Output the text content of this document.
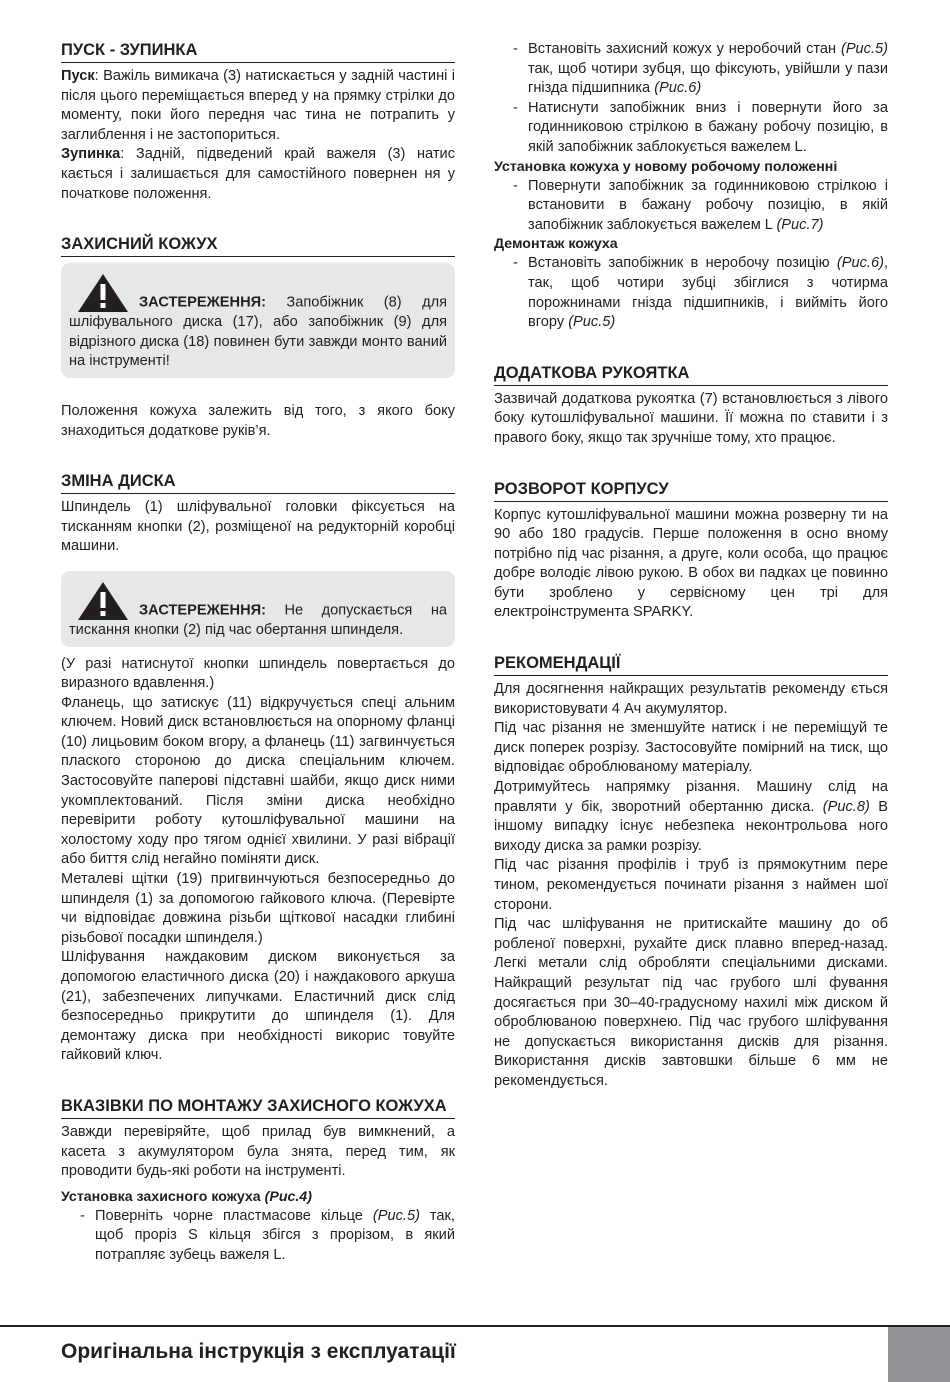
ПУСК - ЗУПИНКА

Пуск: Важіль вимикача (3) натискається у задній частині і після цього переміщається вперед у на прямку стрілки до моменту, поки його передня час тина не потрапить у заглиблення і не застопориться.

Зупинка: Задній, підведений край важеля (3) натис кається і залишається для самостійного повернен ня у початкове положення.

ЗАХИСНИЙ КОЖУХ

ЗАСТЕРЕЖЕННЯ: Запобіжник (8) для шліфувального диска (17), або запобіжник (9) для відрізного диска (18) повинен бути завжди монто ваний на інструменті!

Положення кожуха залежить від того, з якого боку знаходиться додаткове руків’я.

ЗМІНА ДИСКА

Шпиндель (1) шліфувальної головки фіксується на тисканням кнопки (2), розміщеної на редукторній коробці машини.

ЗАСТЕРЕЖЕННЯ: Не допускається на тискання кнопки (2) під час обертання шпинделя.

(У разі натиснутої кнопки шпиндель повертається до виразного вдавлення.)

Фланець, що затискує (11) відкручується спеці альним ключем. Новий диск встановлюється на опорному фланці (10) лицьовим боком вгору, а фланець (11) загвинчується плаского стороною до диска спеціальним ключем. Застосовуйте паперові підставні шайби, якщо диск ними укомплектований. Після зміни диска необхідно перевірити роботу кутошліфувальної машини на холостому ходу про тягом однієї хвилини. У разі вібрації або биття слід негайно поміняти диск.

Металеві щітки (19) пригвинчуються безпосередньо до шпинделя (1) за допомогою гайкового ключа. (Перевірте чи відповідає довжина різьби щіткової насадки глибині різьбової посадки шпинделя.)

Шліфування наждаковим диском виконується за допомогою еластичного диска (20) і наждакового аркуша (21), забезпечених липучками. Еластичний диск слід безпосередньо прикрутити до шпинделя (1). Для демонтажу диска при необхідності викорис товуйте гайковий ключ.

ВКАЗІВКИ ПО МОНТАЖУ ЗАХИСНОГО КОЖУХА

Завжди перевіряйте, щоб прилад був вимкнений, а касета з акумулятором була знята, перед тим, як проводити будь-які роботи на інструменті.

Установка захисного кожуха (Рис.4)

- Поверніть чорне пластмасове кільце (Рис.5) так, щоб проріз S кільця збігся з прорізом, в який потрапляє зубець важеля L.
- Встановіть захисний кожух у неробочий стан (Рис.5) так, щоб чотири зубця, що фіксують, увійшли у пази гнізда підшипника (Рис.6)
- Натиснути запобіжник вниз і повернути його за годинниковою стрілкою в бажану робочу позицію, в якій запобіжник заблокується важелем L.

Установка кожуха у новому робочому положенні

- Повернути запобіжник за годинниковою стрілкою і встановити в бажану робочу позицію, в якій запобіжник заблокується важелем L (Рис.7)

Демонтаж кожуха

- Встановіть запобіжник в неробочу позицію (Рис.6), так, щоб чотири зубці збіглися з чотирма порожнинами гнізда підшипників, і вийміть його вгору (Рис.5)
ДОДАТКОВА РУКОЯТКА

Зазвичай додаткова рукоятка (7) встановлюється з лівого боку кутошліфувальної машини. Її можна по ставити і з правого боку, якщо так зручніше тому, хто працює.

РОЗВОРОТ КОРПУСУ

Корпус кутошліфувальної машини можна розверну ти на 90 або 180 градусів. Перше положення в осно вному потрібно під час різання, а друге, коли особа, що працює добре володіє лівою рукою. В обох ви падках це повинно бути зроблено у сервісному цен трі для електроінструмента SPARKY.

РЕКОМЕНДАЦІЇ

Для досягнення найкращих результатів рекоменду ється використовувати 4 Ач акумулятор.

Під час різання не зменшуйте натиск і не переміщуй те диск поперек розрізу. Застосовуйте помірний на тиск, що відповідає оброблюваному матеріалу.

Дотримуйтесь напрямку різання. Машину слід на правляти у бік, зворотний обертанню диска. (Рис.8) В іншому випадку існує небезпека неконтрольова ного виходу диска за рамки розрізу.

Під час різання профілів і труб із прямокутним пере тином, рекомендується починати різання з наймен шої сторони.

Під час шліфування не притискайте машину до об робленої поверхні, рухайте диск плавно вперед-назад. Легкі метали слід обробляти спеціальними дисками. Найкращий результат під час грубого шлі фування досягається при 30–40-градусному нахилі між диском й оброблюваною поверхнею. Під час грубого шліфування не допускається використання дисків для різання. Використання дисків завтовшки більше 6 мм не рекомендується.

Оригінальна інструкція з експлуатації
